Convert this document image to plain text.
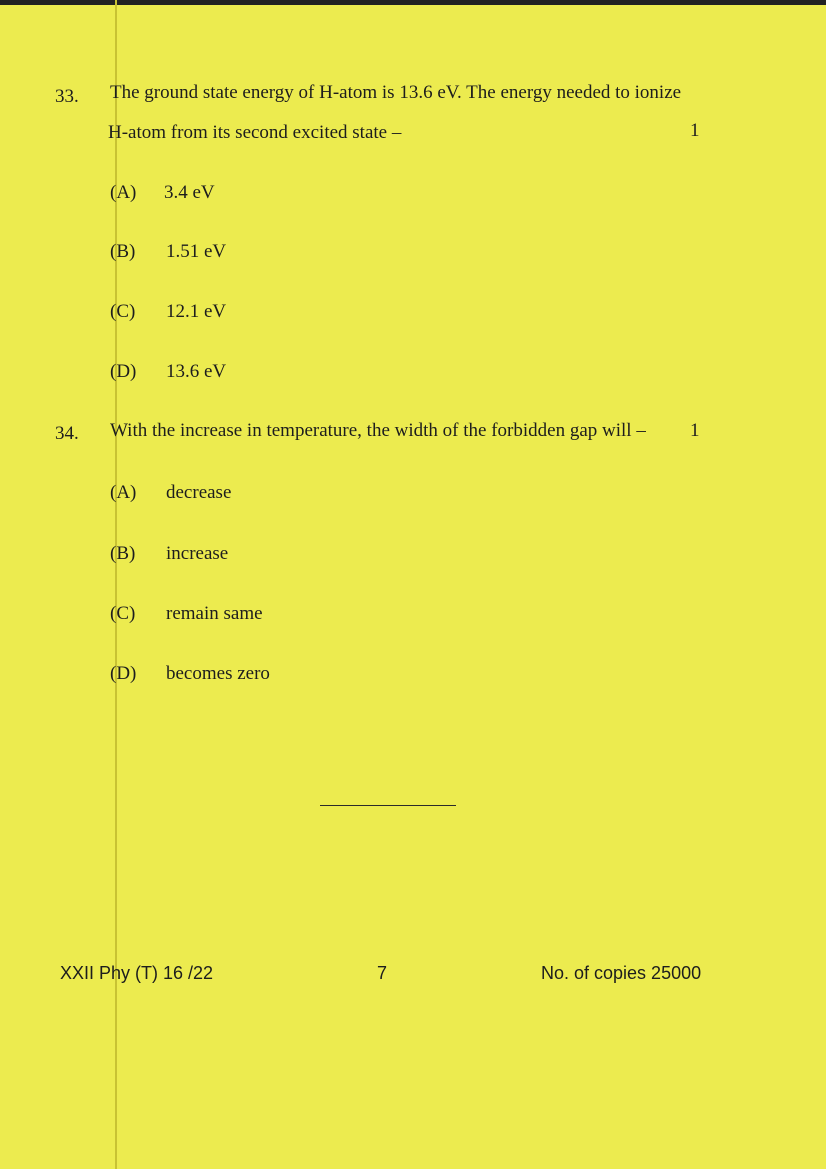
33. The ground state energy of H-atom is 13.6 eV. The energy needed to ionize
H-atom from its second excited state –	1
(A) 3.4 eV
(B) 1.51 eV
(C) 12.1 eV
(D) 13.6 eV
34. With the increase in temperature, the width of the forbidden gap will – 1
(A) decrease
(B) increase
(C) remain same
(D) becomes zero
XXII Phy (T) 16 /22	7	No. of copies 25000
